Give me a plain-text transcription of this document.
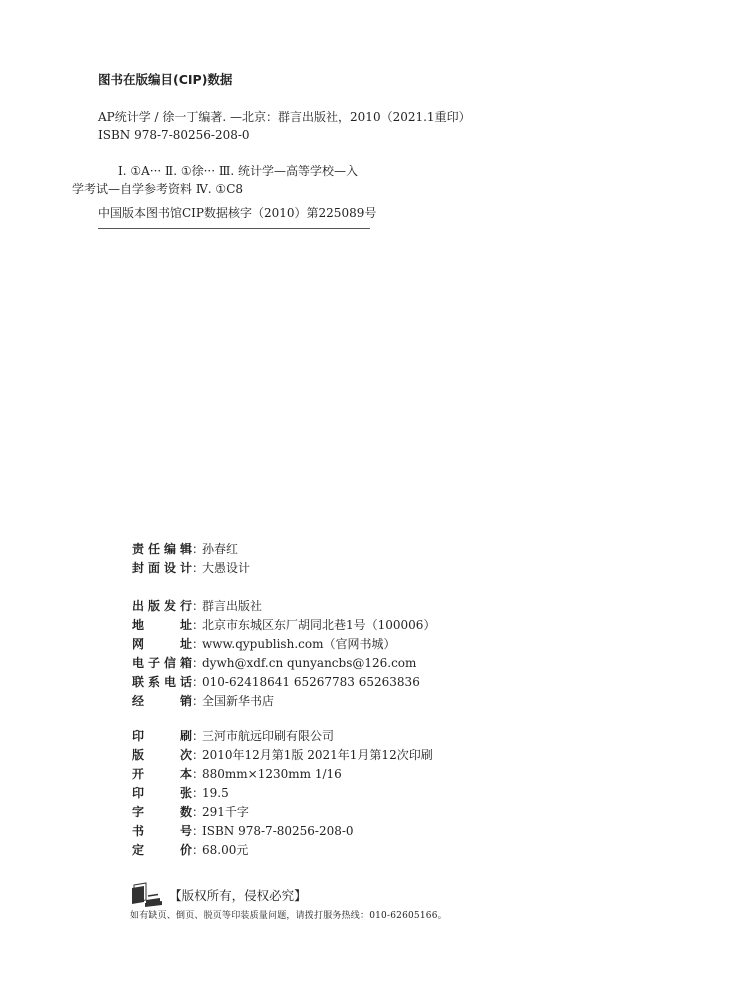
图书在版编目(CIP)数据
AP统计学 / 徐一丁编著. —北京：群言出版社，2010（2021.1重印）
ISBN 978-7-80256-208-0
Ⅰ. ①A··· Ⅱ. ①徐··· Ⅲ. 统计学—高等学校—入
学考试—自学参考资料 Ⅳ. ①C8
中国版本图书馆CIP数据核字（2010）第225089号
责任编辑 ：
孙春红
封面设计 ：
大愚设计
出版发行 ：
群言出版社
地址 ：
北京市东城区东厂胡同北巷1号（100006）
网址 ：
www.qypublish.com（官网书城）
电子信箱 ：
dywh@xdf.cn qunyancbs@126.com
联系电话 ：
010-62418641 65267783 65263836
经销 ：
全国新华书店
印刷 ：
三河市航远印刷有限公司
版次 ：
2010年12月第1版 2021年1月第12次印刷
开本 ：
880mm×1230mm 1/16
印张 ：
19.5
字数 ：
291千字
书号 ：
ISBN 978-7-80256-208-0
定价 ：
68.00元
【版权所有，侵权必究】
如有缺页、倒页、脱页等印装质量问题，请拨打服务热线：010-62605166。
